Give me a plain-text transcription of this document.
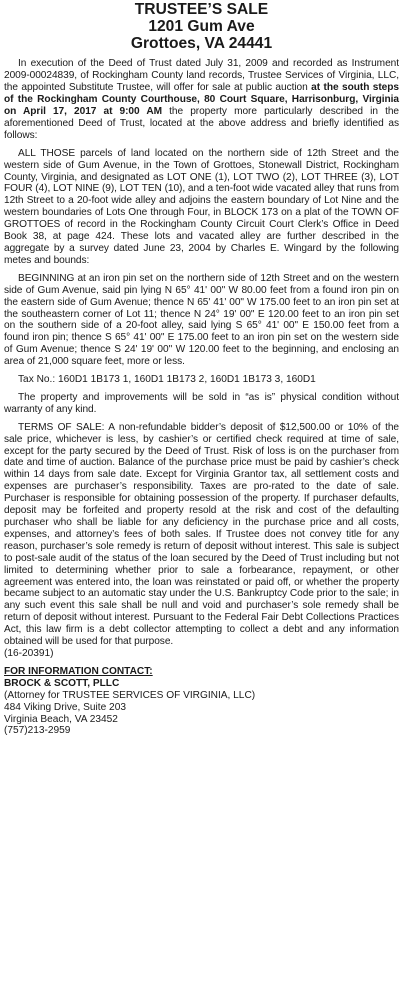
TRUSTEE’S SALE
1201 Gum Ave
Grottoes, VA 24441

In execution of the Deed of Trust dated July 31, 2009 and recorded as Instrument 2009-00024839, of Rockingham County land records, Trustee Services of Virginia, LLC, the appointed Substitute Trustee, will offer for sale at public auction at the south steps of the Rockingham County Courthouse, 80 Court Square, Harrisonburg, Virginia on April 17, 2017 at 9:00 AM the property more particularly described in the aforementioned Deed of Trust, located at the above address and briefly identified as follows:

ALL THOSE parcels of land located on the northern side of 12th Street and the western side of Gum Avenue, in the Town of Grottoes, Stonewall District, Rockingham County, Virginia, and designated as LOT ONE (1), LOT TWO (2), LOT THREE (3), LOT FOUR (4), LOT NINE (9), LOT TEN (10), and a ten-foot wide vacated alley that runs from 12th Street to a 20-foot wide alley and adjoins the eastern boundary of Lot Nine and the western boundaries of Lots One through Four, in BLOCK 173 on a plat of the TOWN OF GROTTOES of record in the Rockingham County Circuit Court Clerk’s Office in Deed Book 38, at page 424. These lots and vacated alley are further described in the aggregate by a survey dated June 23, 2004 by Charles E. Wingard by the following metes and bounds:

BEGINNING at an iron pin set on the northern side of 12th Street and on the western side of Gum Avenue, said pin lying N 65° 41' 00" W 80.00 feet from a found iron pin on the eastern side of Gum Avenue; thence N 65' 41' 00" W 175.00 feet to an iron pin set at the southeastern corner of Lot 11; thence N 24° 19' 00" E 120.00 feet to an iron pin set on the southern side of a 20-foot alley, said lying S 65° 41' 00" E 150.00 feet from a found iron pin; thence S 65° 41' 00" E 175.00 feet to an iron pin set on the western side of Gum Avenue; thence S 24' 19' 00" W 120.00 feet to the beginning, and enclosing an area of 21,000 square feet, more or less.

Tax No.: 160D1 1B173 1, 160D1 1B173 2, 160D1 1B173 3, 160D1

The property and improvements will be sold in “as is” physical condition without warranty of any kind.

TERMS OF SALE: A non-refundable bidder’s deposit of $12,500.00 or 10% of the sale price, whichever is less, by cashier’s or certified check required at time of sale, except for the party secured by the Deed of Trust. Risk of loss is on the purchaser from date and time of auction. Balance of the purchase price must be paid by cashier’s check within 14 days from sale date. Except for Virginia Grantor tax, all settlement costs and expenses are purchaser’s responsibility. Taxes are pro-rated to the date of sale. Purchaser is responsible for obtaining possession of the property. If purchaser defaults, deposit may be forfeited and property resold at the risk and cost of the defaulting purchaser who shall be liable for any deficiency in the purchase price and all costs, expenses, and attorney’s fees of both sales. If Trustee does not convey title for any reason, purchaser’s sole remedy is return of deposit without interest. This sale is subject to post-sale audit of the status of the loan secured by the Deed of Trust including but not limited to determining whether prior to sale a forbearance, repayment, or other agreement was entered into, the loan was reinstated or paid off, or whether the property became subject to an automatic stay under the U.S. Bankruptcy Code prior to the sale; in any such event this sale shall be null and void and purchaser’s sole remedy shall be return of deposit without interest. Pursuant to the Federal Fair Debt Collections Practices Act, this law firm is a debt collector attempting to collect a debt and any information obtained will be used for that purpose.

(16-20391)
FOR INFORMATION CONTACT:
BROCK & SCOTT, PLLC
(Attorney for TRUSTEE SERVICES OF VIRGINIA, LLC)
484 Viking Drive, Suite 203
Virginia Beach, VA 23452
(757)213-2959
